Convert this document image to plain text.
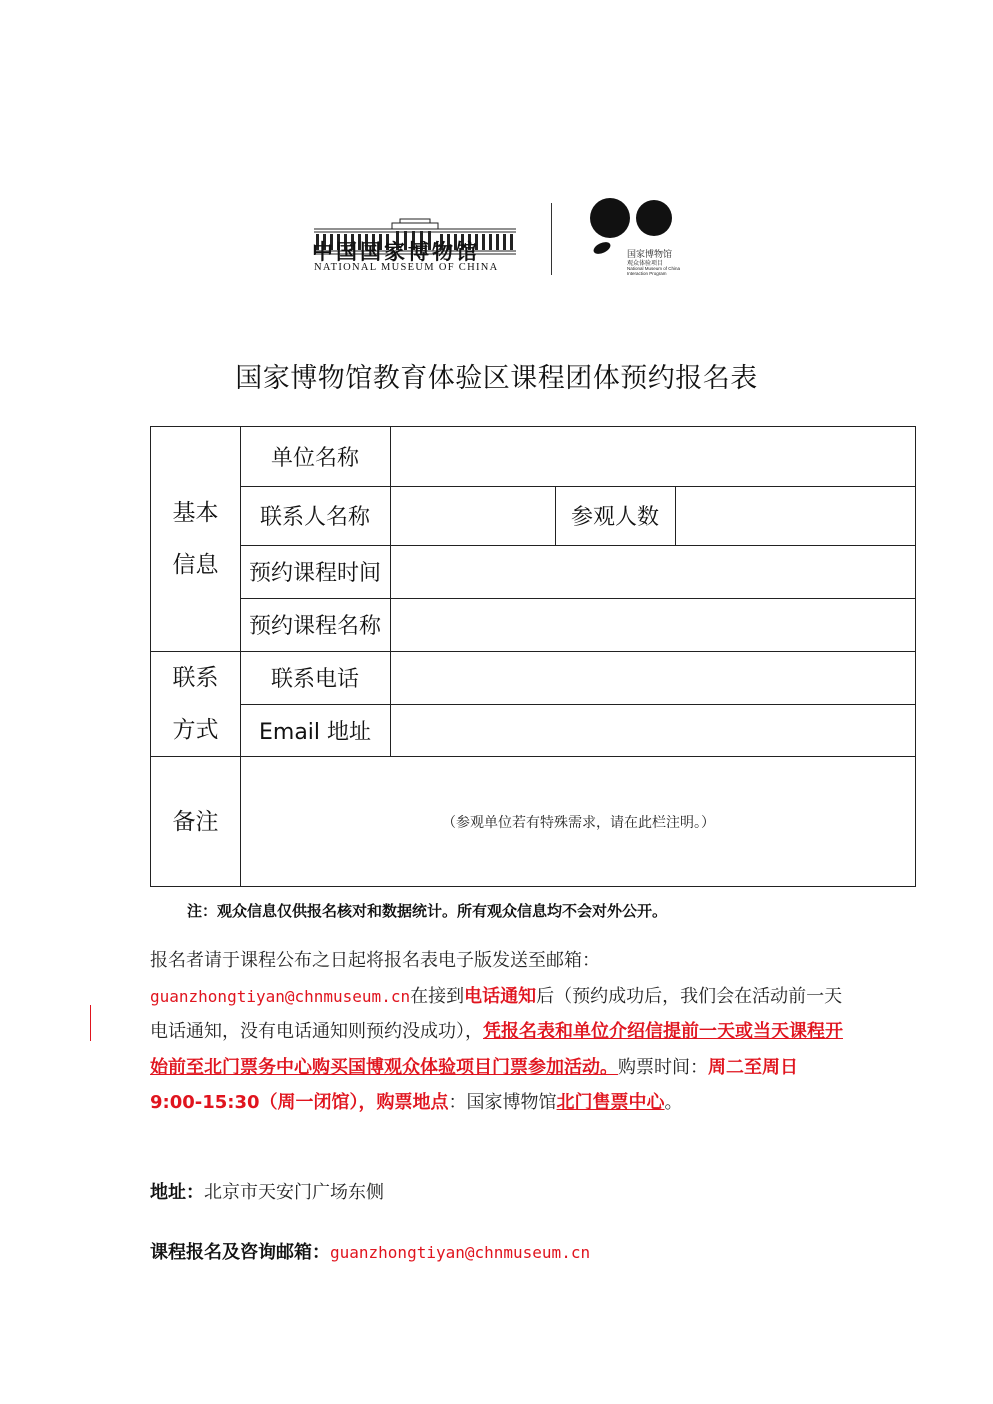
中国国家博物馆
NATIONAL MUSEUM OF CHINA
国家博物馆
观众体验项目
National Museum of China
Interaction Program
国家博物馆教育体验区课程团体预约报名表
基本
信息
联系
方式
备注
单位名称
联系人名称	参观人数
预约课程时间
预约课程名称
联系电话
Email 地址
（参观单位若有特殊需求，请在此栏注明。）
注：观众信息仅供报名核对和数据统计。所有观众信息均不会对外公开。
报名者请于课程公布之日起将报名表电子版发送至邮箱：guanzhongtiyan@chnmuseum.cn在接到电话通知后（预约成功后，我们会在活动前一天电话通知，没有电话通知则预约没成功），凭报名表和单位介绍信提前一天或当天课程开始前至北门票务中心购买国博观众体验项目门票参加活动。购票时间：周二至周日 9:00-15:30（周一闭馆），购票地点：国家博物馆北门售票中心。
地址：北京市天安门广场东侧
课程报名及咨询邮箱：guanzhongtiyan@chnmuseum.cn
